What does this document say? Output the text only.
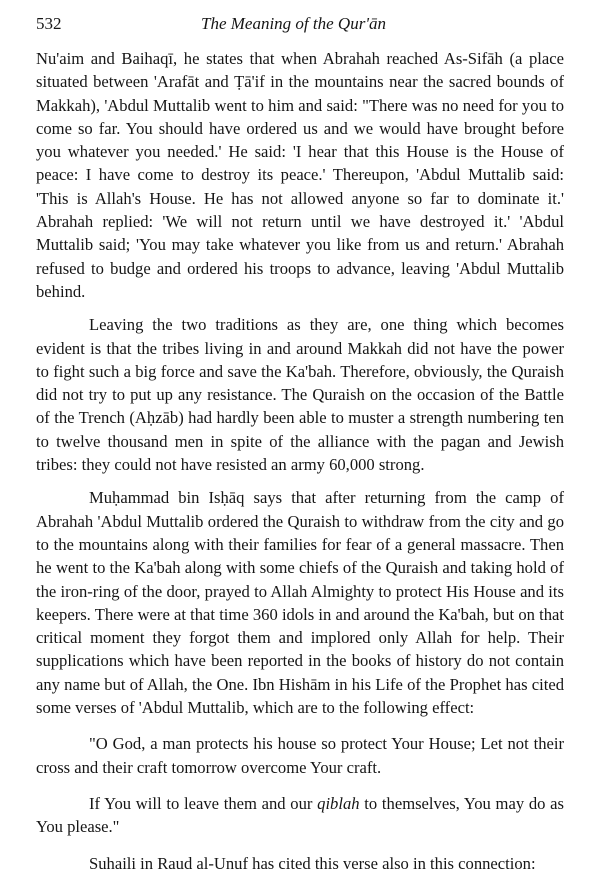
532	The Meaning of the Qur'ān

Nu'aim and Baihaqī, he states that when Abrahah reached As-Sifāh (a place situated between 'Arafāt and Ṭā'if in the mountains near the sacred bounds of Makkah), 'Abdul Muttalib went to him and said: "There was no need for you to come so far. You should have ordered us and we would have brought before you whatever you needed.' He said: 'I hear that this House is the House of peace: I have come to destroy its peace.' Thereupon, 'Abdul Muttalib said: 'This is Allah's House. He has not allowed anyone so far to dominate it.' Abrahah replied: 'We will not return until we have destroyed it.' 'Abdul Muttalib said; 'You may take whatever you like from us and return.' Abrahah refused to budge and ordered his troops to advance, leaving 'Abdul Muttalib behind.

Leaving the two traditions as they are, one thing which becomes evident is that the tribes living in and around Makkah did not have the power to fight such a big force and save the Ka'bah. Therefore, obviously, the Quraish did not try to put up any resistance. The Quraish on the occasion of the Battle of the Trench (Aḥzāb) had hardly been able to muster a strength numbering ten to twelve thousand men in spite of the alliance with the pagan and Jewish tribes: they could not have resisted an army 60,000 strong.

Muḥammad bin Isḥāq says that after returning from the camp of Abrahah 'Abdul Muttalib ordered the Quraish to withdraw from the city and go to the mountains along with their families for fear of a general massacre. Then he went to the Ka'bah along with some chiefs of the Quraish and taking hold of the iron-ring of the door, prayed to Allah Almighty to protect His House and its keepers. There were at that time 360 idols in and around the Ka'bah, but on that critical moment they forgot them and implored only Allah for help. Their supplications which have been reported in the books of history do not contain any name but of Allah, the One. Ibn Hishām in his Life of the Prophet has cited some verses of 'Abdul Muttalib, which are to the following effect:

"O God, a man protects his house so protect Your House; Let not their cross and their craft tomorrow overcome Your craft.

If You will to leave them and our qiblah to themselves, You may do as You please."

Suhaili in Raud al-Unuf has cited this verse also in this connection:
